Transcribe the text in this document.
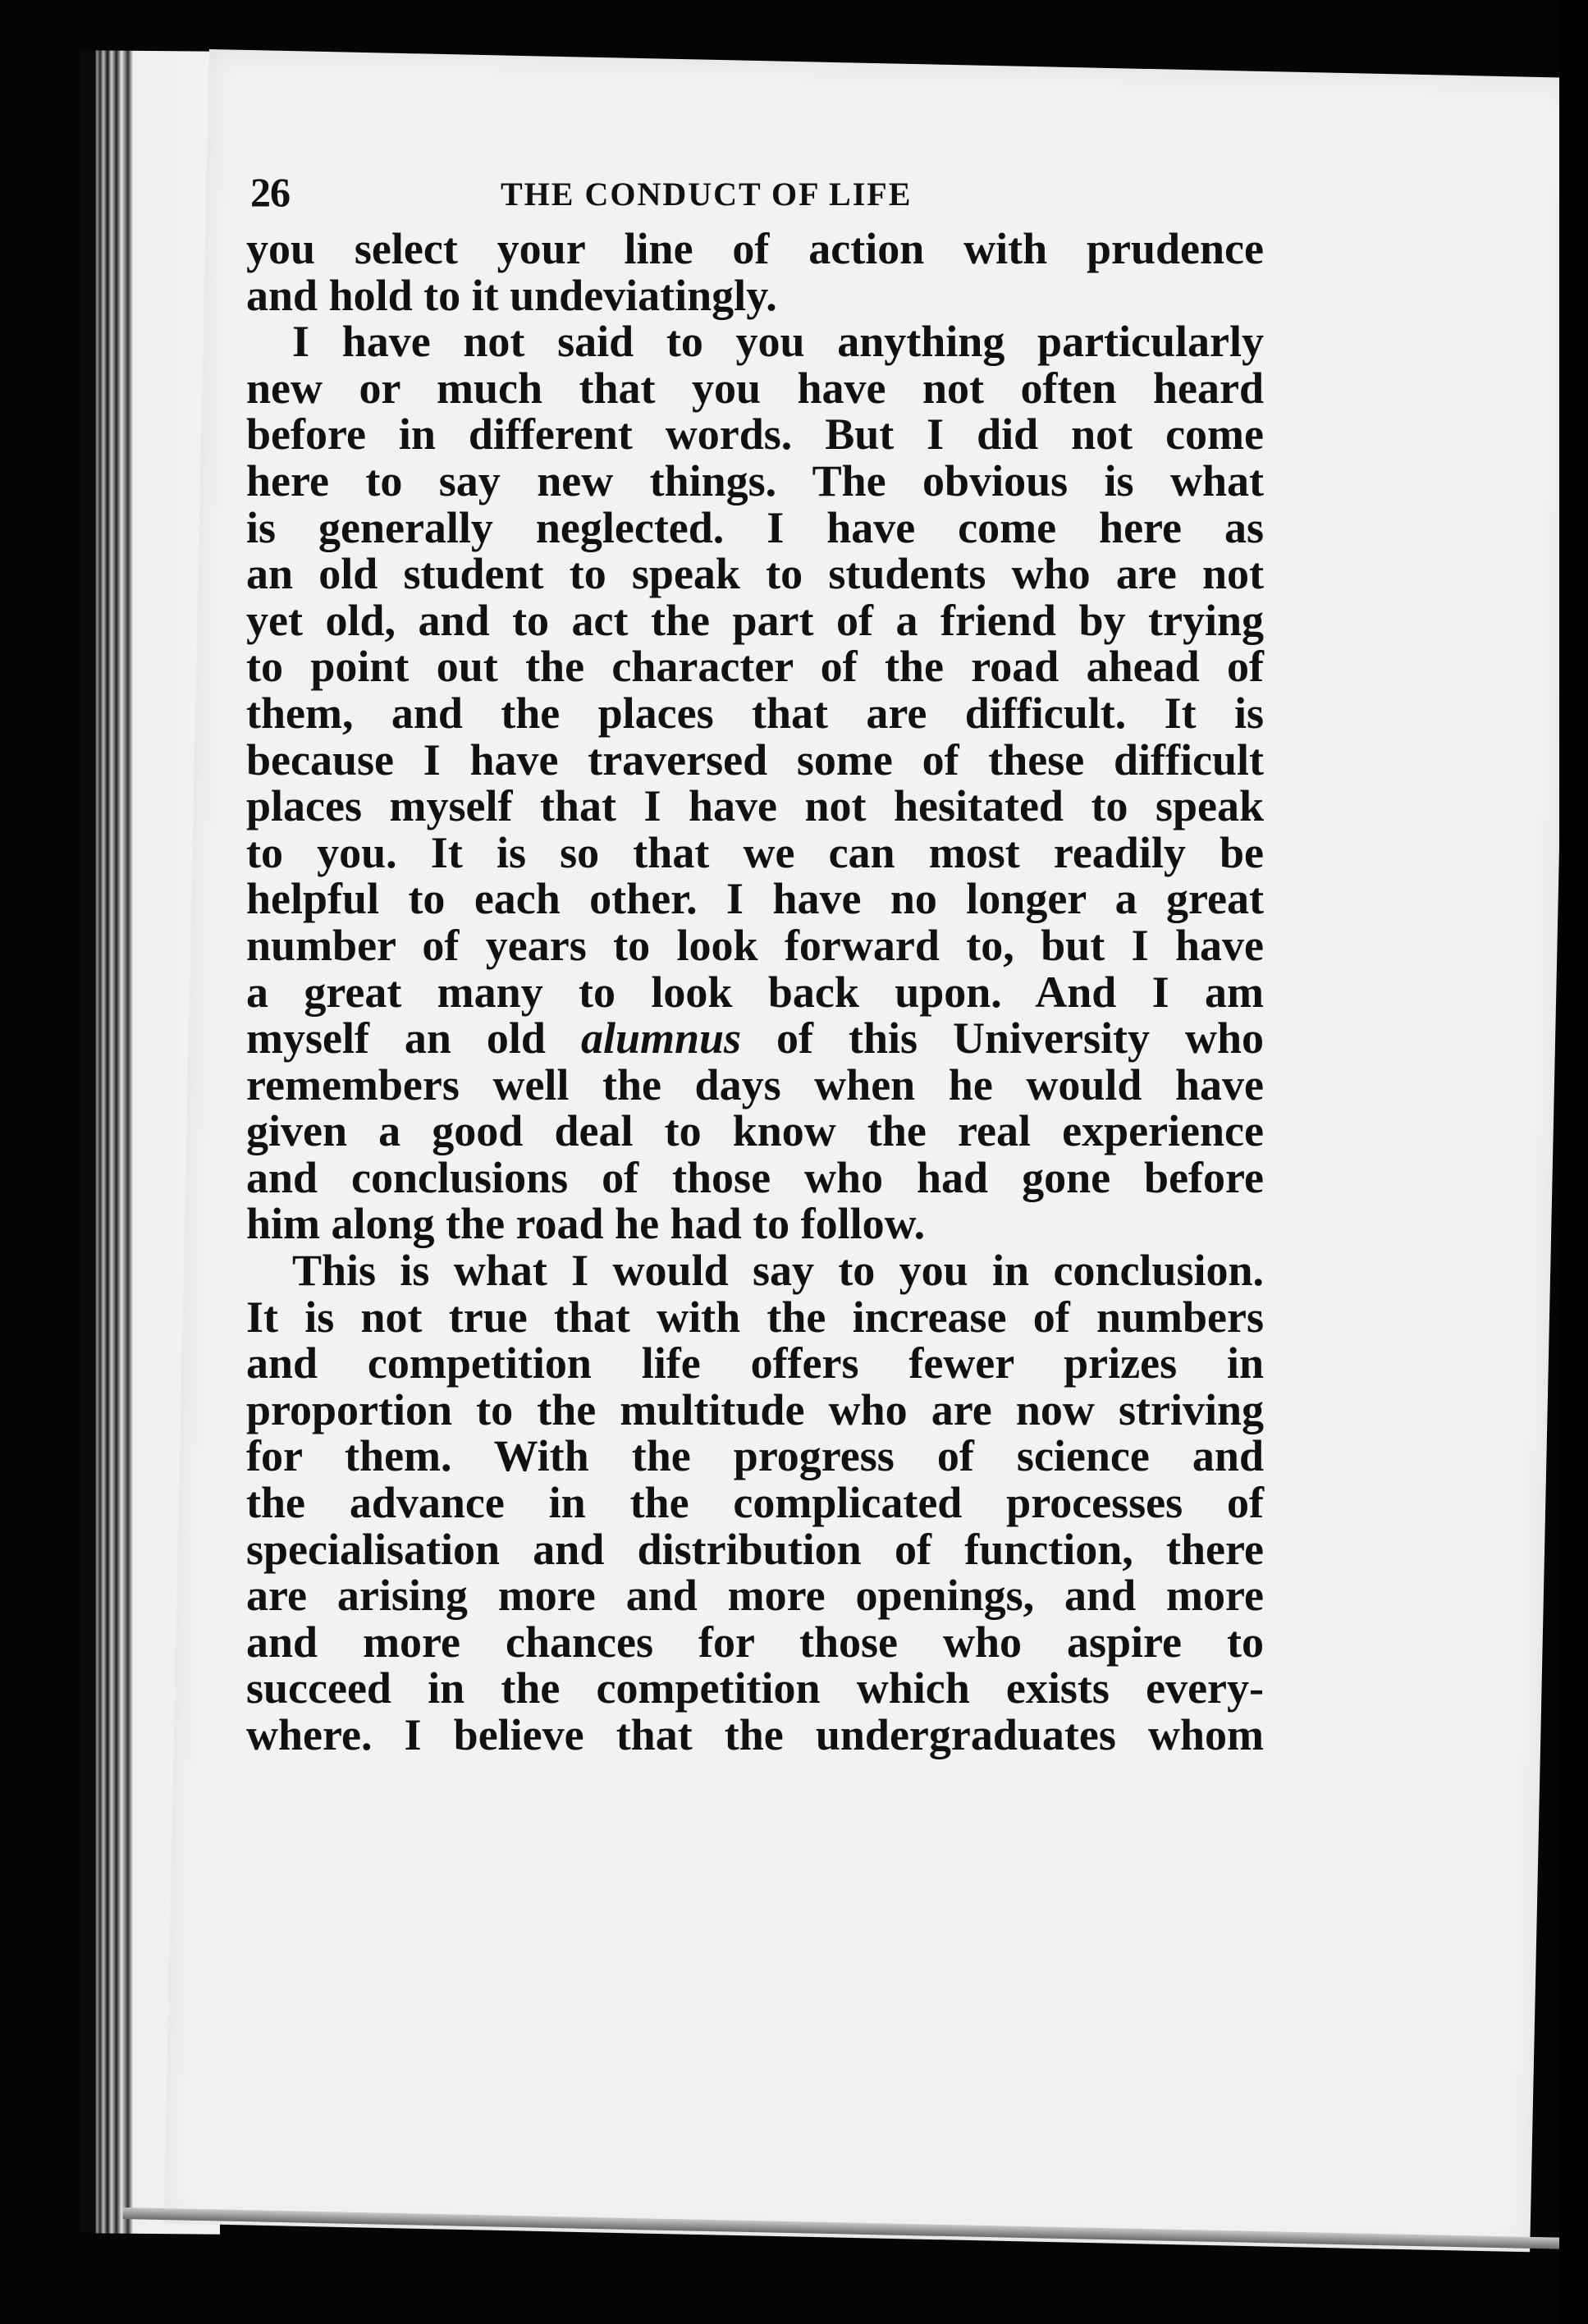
26	THE CONDUCT OF LIFE
you select your line of action with prudence
and hold to it undeviatingly.
I have not said to you anything particularly
new or much that you have not often heard
before in different words. But I did not come
here to say new things. The obvious is what
is generally neglected. I have come here as
an old student to speak to students who are not
yet old, and to act the part of a friend by trying
to point out the character of the road ahead of
them, and the places that are difficult. It is
because I have traversed some of these difficult
places myself that I have not hesitated to speak
to you. It is so that we can most readily be
helpful to each other. I have no longer a great
number of years to look forward to, but I have
a great many to look back upon. And I am
myself an old alumnus of this University who
remembers well the days when he would have
given a good deal to know the real experience
and conclusions of those who had gone before
him along the road he had to follow.
This is what I would say to you in conclusion.
It is not true that with the increase of numbers
and competition life offers fewer prizes in
proportion to the multitude who are now striving
for them. With the progress of science and
the advance in the complicated processes of
specialisation and distribution of function, there
are arising more and more openings, and more
and more chances for those who aspire to
succeed in the competition which exists every-
where. I believe that the undergraduates whom
